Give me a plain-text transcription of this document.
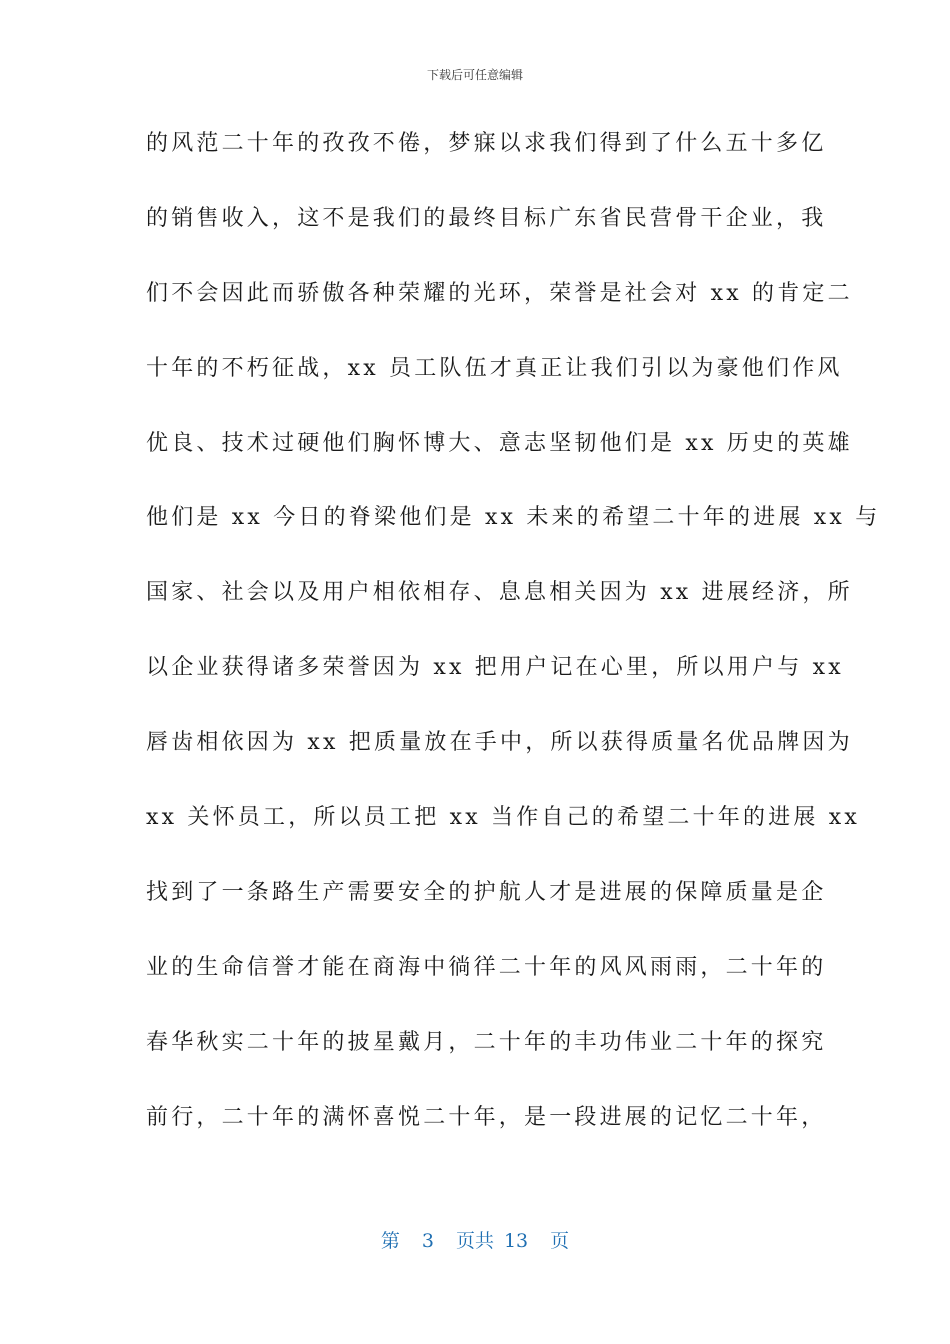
下载后可任意编辑
的风范二十年的孜孜不倦，梦寐以求我们得到了什么五十多亿
的销售收入，这不是我们的最终目标广东省民营骨干企业，我
们不会因此而骄傲各种荣耀的光环，荣誉是社会对 xx 的肯定二
十年的不朽征战，xx 员工队伍才真正让我们引以为豪他们作风
优良、技术过硬他们胸怀博大、意志坚韧他们是 xx 历史的英雄
他们是 xx 今日的脊梁他们是 xx 未来的希望二十年的进展 xx 与
国家、社会以及用户相依相存、息息相关因为 xx 进展经济，所
以企业获得诸多荣誉因为 xx 把用户记在心里，所以用户与 xx
唇齿相依因为 xx 把质量放在手中，所以获得质量名优品牌因为
xx 关怀员工，所以员工把 xx 当作自己的希望二十年的进展 xx
找到了一条路生产需要安全的护航人才是进展的保障质量是企
业的生命信誉才能在商海中徜徉二十年的风风雨雨，二十年的
春华秋实二十年的披星戴月，二十年的丰功伟业二十年的探究
前行，二十年的满怀喜悦二十年，是一段进展的记忆二十年，
第 3 页共 13 页
